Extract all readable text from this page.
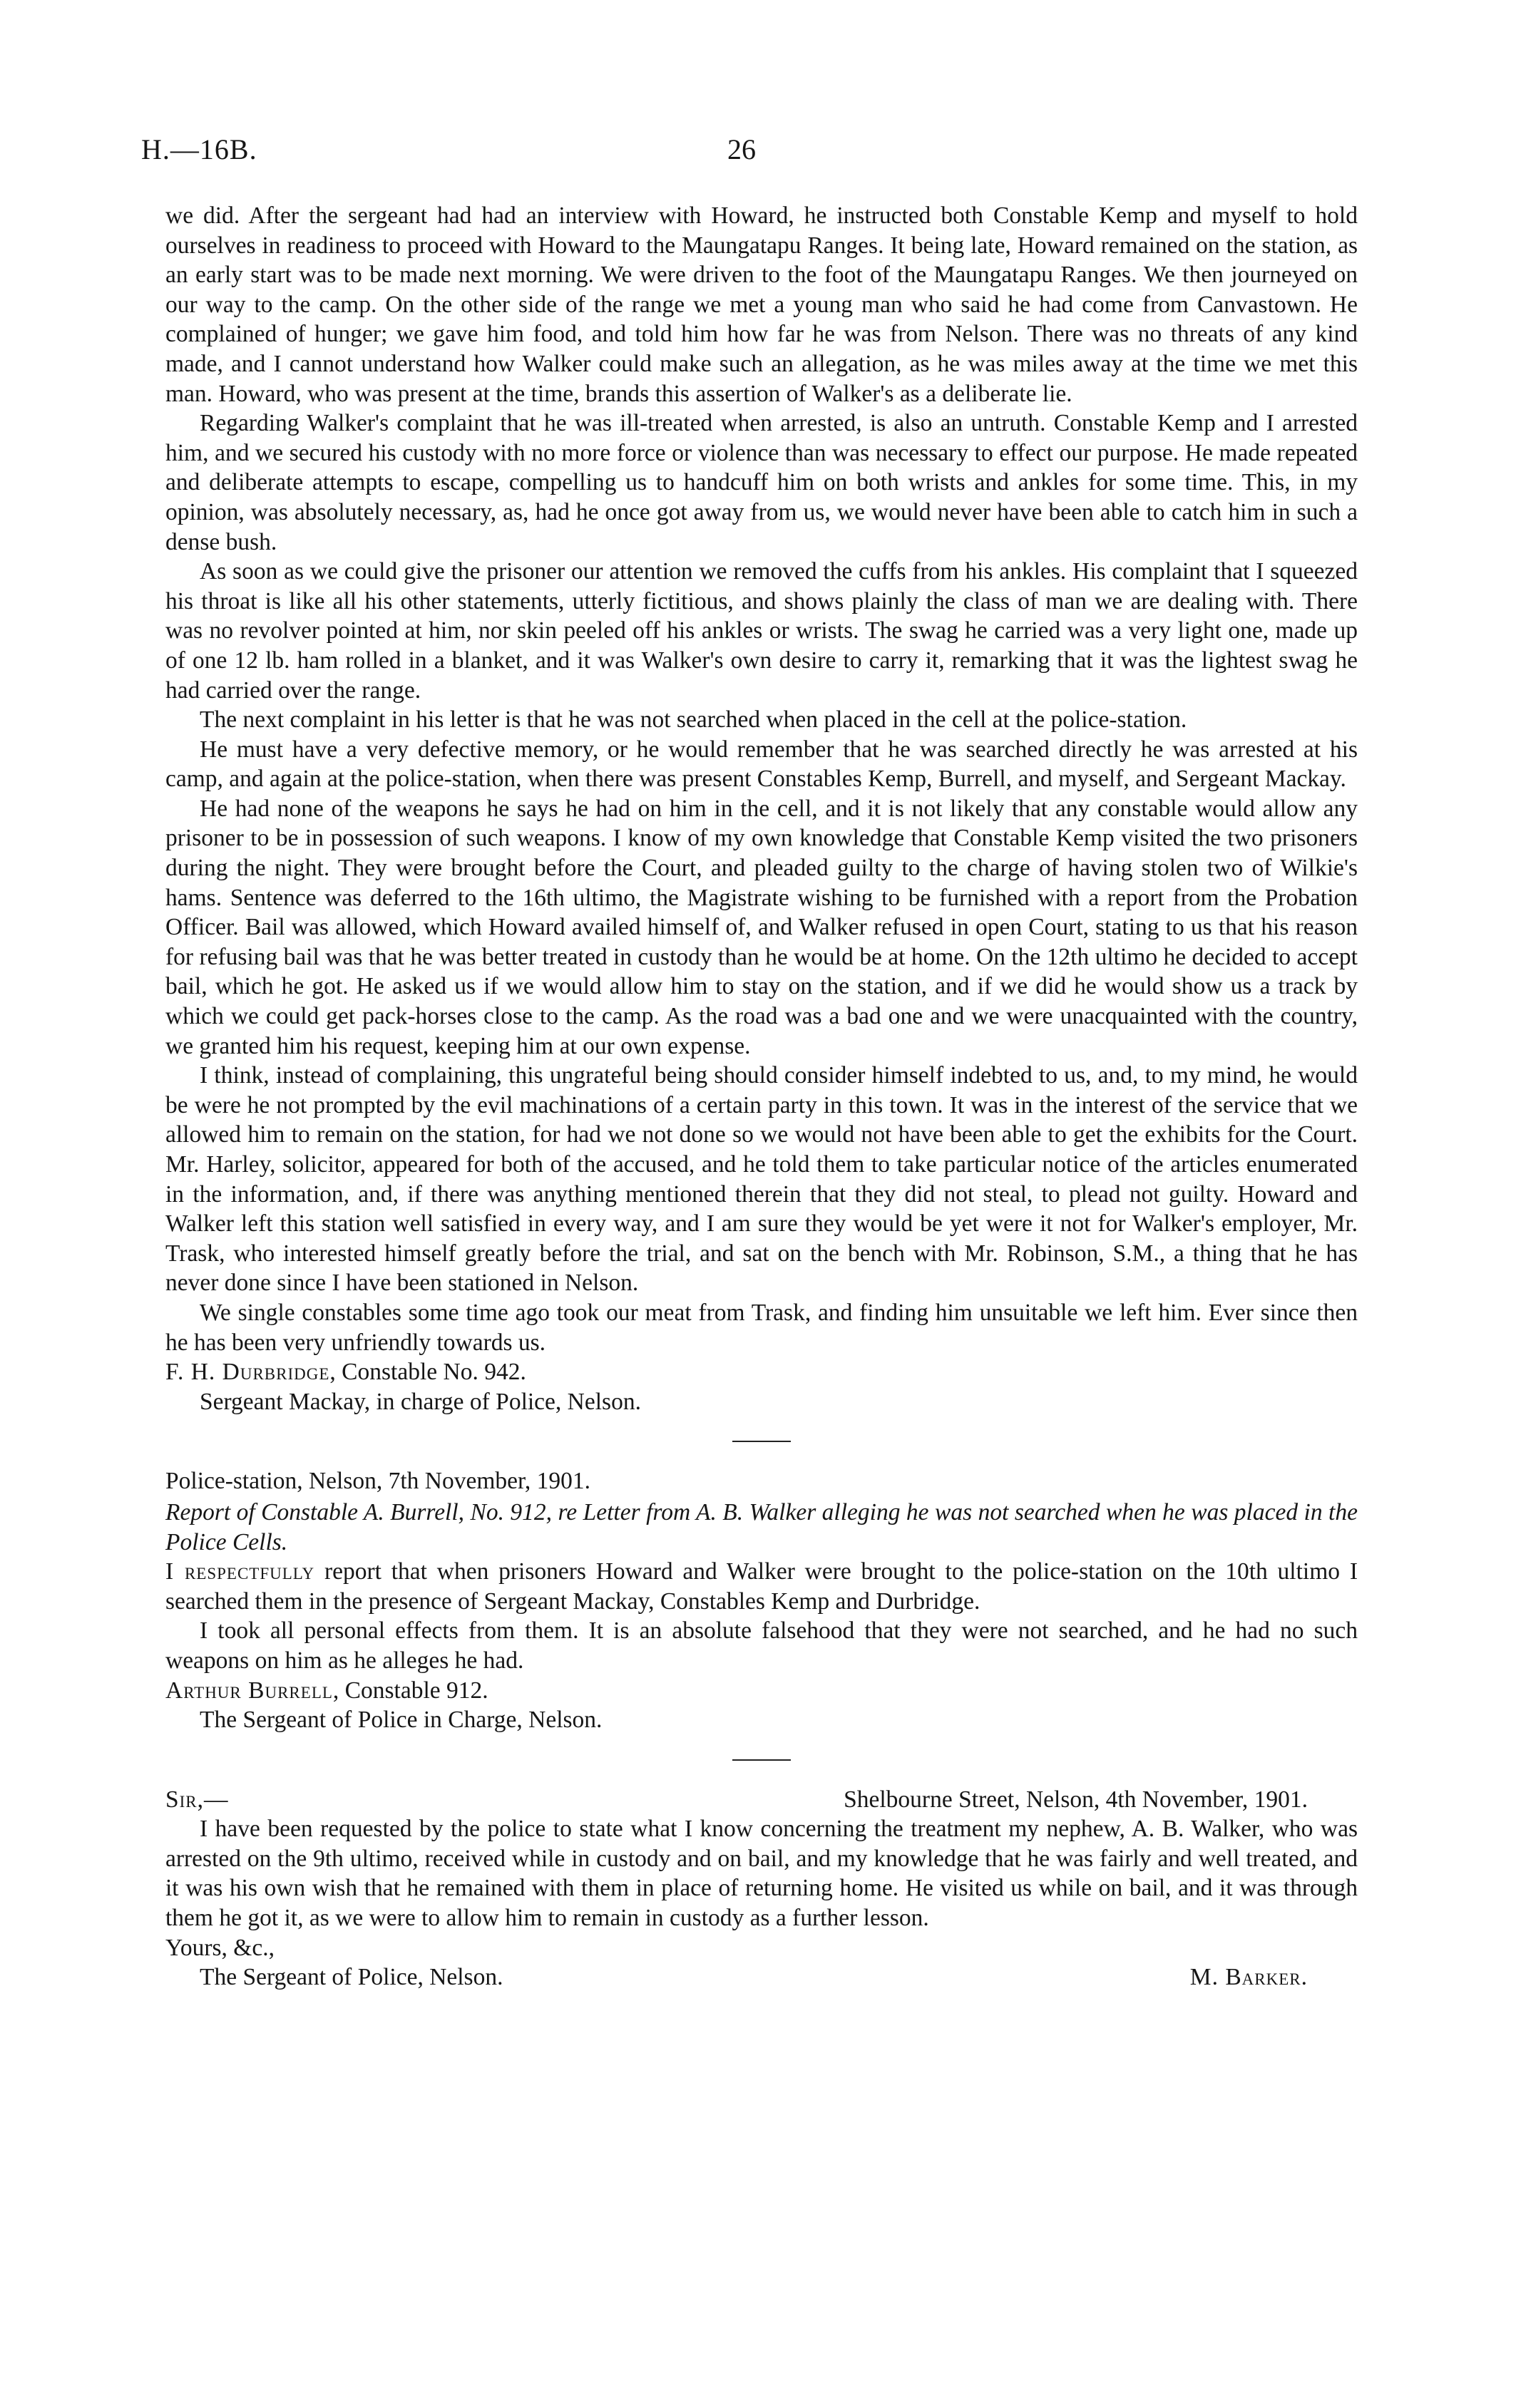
H.—16B.	26

we did. After the sergeant had had an interview with Howard, he instructed both Constable Kemp and myself to hold ourselves in readiness to proceed with Howard to the Maungatapu Ranges. It being late, Howard remained on the station, as an early start was to be made next morning. We were driven to the foot of the Maungatapu Ranges. We then journeyed on our way to the camp. On the other side of the range we met a young man who said he had come from Canvastown. He complained of hunger; we gave him food, and told him how far he was from Nelson. There was no threats of any kind made, and I cannot understand how Walker could make such an allegation, as he was miles away at the time we met this man. Howard, who was present at the time, brands this assertion of Walker's as a deliberate lie.

Regarding Walker's complaint that he was ill-treated when arrested, is also an untruth. Constable Kemp and I arrested him, and we secured his custody with no more force or violence than was necessary to effect our purpose. He made repeated and deliberate attempts to escape, compelling us to handcuff him on both wrists and ankles for some time. This, in my opinion, was absolutely necessary, as, had he once got away from us, we would never have been able to catch him in such a dense bush.

As soon as we could give the prisoner our attention we removed the cuffs from his ankles. His complaint that I squeezed his throat is like all his other statements, utterly fictitious, and shows plainly the class of man we are dealing with. There was no revolver pointed at him, nor skin peeled off his ankles or wrists. The swag he carried was a very light one, made up of one 12 lb. ham rolled in a blanket, and it was Walker's own desire to carry it, remarking that it was the lightest swag he had carried over the range.

The next complaint in his letter is that he was not searched when placed in the cell at the police-station.

He must have a very defective memory, or he would remember that he was searched directly he was arrested at his camp, and again at the police-station, when there was present Constables Kemp, Burrell, and myself, and Sergeant Mackay.

He had none of the weapons he says he had on him in the cell, and it is not likely that any constable would allow any prisoner to be in possession of such weapons. I know of my own knowledge that Constable Kemp visited the two prisoners during the night. They were brought before the Court, and pleaded guilty to the charge of having stolen two of Wilkie's hams. Sentence was deferred to the 16th ultimo, the Magistrate wishing to be furnished with a report from the Probation Officer. Bail was allowed, which Howard availed himself of, and Walker refused in open Court, stating to us that his reason for refusing bail was that he was better treated in custody than he would be at home. On the 12th ultimo he decided to accept bail, which he got. He asked us if we would allow him to stay on the station, and if we did he would show us a track by which we could get pack-horses close to the camp. As the road was a bad one and we were unacquainted with the country, we granted him his request, keeping him at our own expense.

I think, instead of complaining, this ungrateful being should consider himself indebted to us, and, to my mind, he would be were he not prompted by the evil machinations of a certain party in this town. It was in the interest of the service that we allowed him to remain on the station, for had we not done so we would not have been able to get the exhibits for the Court. Mr. Harley, solicitor, appeared for both of the accused, and he told them to take particular notice of the articles enumerated in the information, and, if there was anything mentioned therein that they did not steal, to plead not guilty. Howard and Walker left this station well satisfied in every way, and I am sure they would be yet were it not for Walker's employer, Mr. Trask, who interested himself greatly before the trial, and sat on the bench with Mr. Robinson, S.M., a thing that he has never done since I have been stationed in Nelson.

We single constables some time ago took our meat from Trask, and finding him unsuitable we left him. Ever since then he has been very unfriendly towards us.

F. H. Durbridge, Constable No. 942.

Sergeant Mackay, in charge of Police, Nelson.

Police-station, Nelson, 7th November, 1901.

Report of Constable A. Burrell, No. 912, re Letter from A. B. Walker alleging he was not searched when he was placed in the Police Cells.

I respectfully report that when prisoners Howard and Walker were brought to the police-station on the 10th ultimo I searched them in the presence of Sergeant Mackay, Constables Kemp and Durbridge.

I took all personal effects from them. It is an absolute falsehood that they were not searched, and he had no such weapons on him as he alleges he had.

Arthur Burrell, Constable 912.

The Sergeant of Police in Charge, Nelson.

Sir,—	Shelbourne Street, Nelson, 4th November, 1901.

I have been requested by the police to state what I know concerning the treatment my nephew, A. B. Walker, who was arrested on the 9th ultimo, received while in custody and on bail, and my knowledge that he was fairly and well treated, and it was his own wish that he remained with them in place of returning home. He visited us while on bail, and it was through them he got it, as we were to allow him to remain in custody as a further lesson.

Yours, &c.,

The Sergeant of Police, Nelson.	M. Barker.
